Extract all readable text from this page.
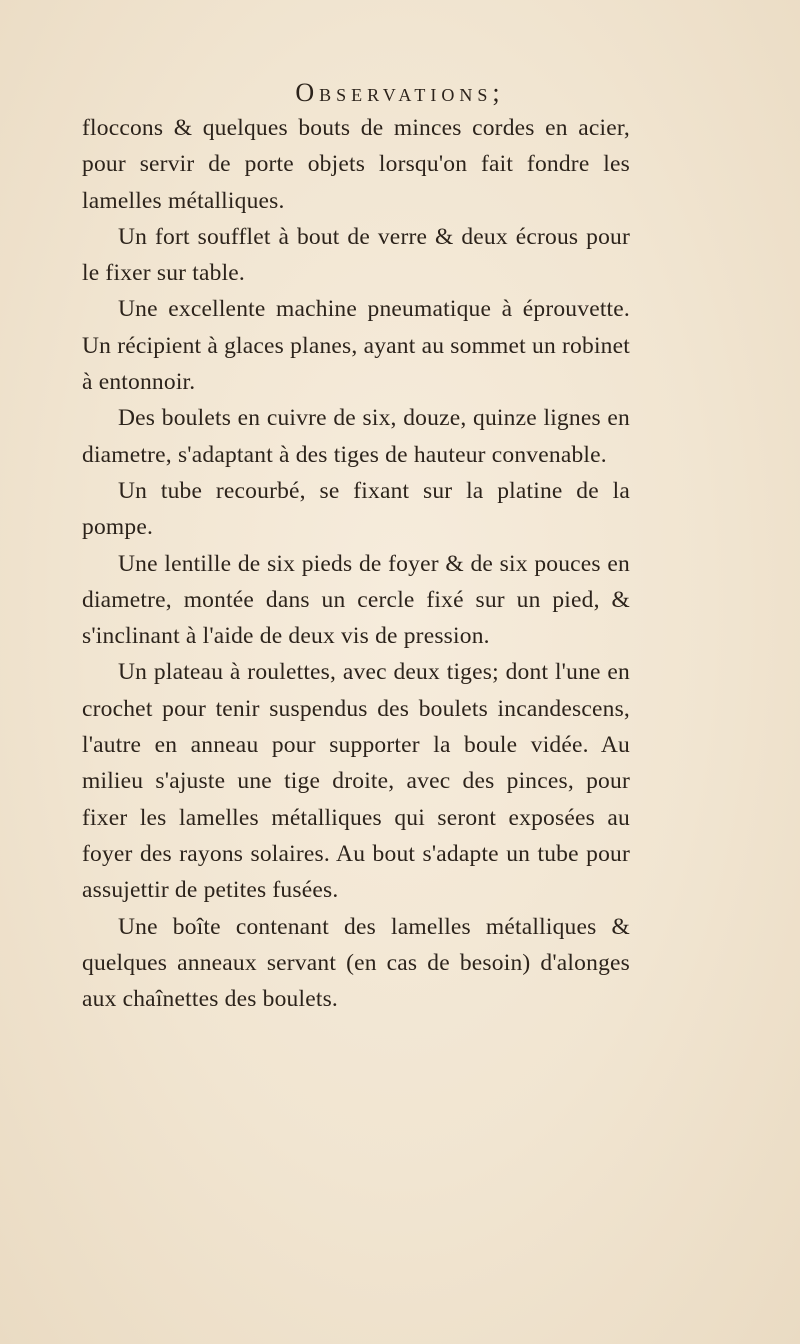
Observations;

floccons & quelques bouts de minces cordes en acier, pour servir de porte objets lorsqu'on fait fondre les lamelles métalliques.

Un fort soufflet à bout de verre & deux écrous pour le fixer sur table.

Une excellente machine pneumatique à éprouvette. Un récipient à glaces planes, ayant au sommet un robinet à entonnoir.

Des boulets en cuivre de six, douze, quinze lignes en diametre, s'adaptant à des tiges de hauteur convenable.

Un tube recourbé, se fixant sur la platine de la pompe.

Une lentille de six pieds de foyer & de six pouces en diametre, montée dans un cercle fixé sur un pied, & s'inclinant à l'aide de deux vis de pression.

Un plateau à roulettes, avec deux tiges; dont l'une en crochet pour tenir suspendus des boulets incandescens, l'autre en anneau pour supporter la boule vidée. Au milieu s'ajuste une tige droite, avec des pinces, pour fixer les lamelles métalliques qui seront exposées au foyer des rayons solaires. Au bout s'adapte un tube pour assujettir de petites fusées.

Une boîte contenant des lamelles métalliques & quelques anneaux servant (en cas de besoin) d'alonges aux chaînettes des boulets.
